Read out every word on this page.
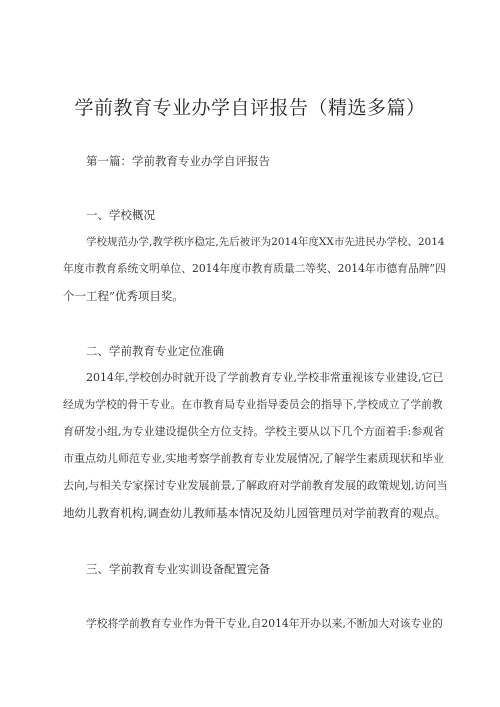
学前教育专业办学自评报告（精选多篇）
第一篇：学前教育专业办学自评报告
一、学校概况
学校规范办学,教学秩序稳定,先后被评为2014年度XX市先进民办学校、2014
年度市教育系统文明单位、2014年度市教育质量二等奖、2014年市德育品牌”四
个一工程”优秀项目奖。
二、学前教育专业定位准确
2014年,学校创办时就开设了学前教育专业,学校非常重视该专业建设,它已
经成为学校的骨干专业。在市教育局专业指导委员会的指导下,学校成立了学前教
育研发小组,为专业建设提供全方位支持。学校主要从以下几个方面着手:参观省
市重点幼儿师范专业,实地考察学前教育专业发展情况,了解学生素质现状和毕业
去向,与相关专家探讨专业发展前景,了解政府对学前教育发展的政策规划,访问当
地幼儿教育机构,调查幼儿教师基本情况及幼儿园管理员对学前教育的观点。
三、学前教育专业实训设备配置完备
学校将学前教育专业作为骨干专业,自2014年开办以来,不断加大对该专业的
